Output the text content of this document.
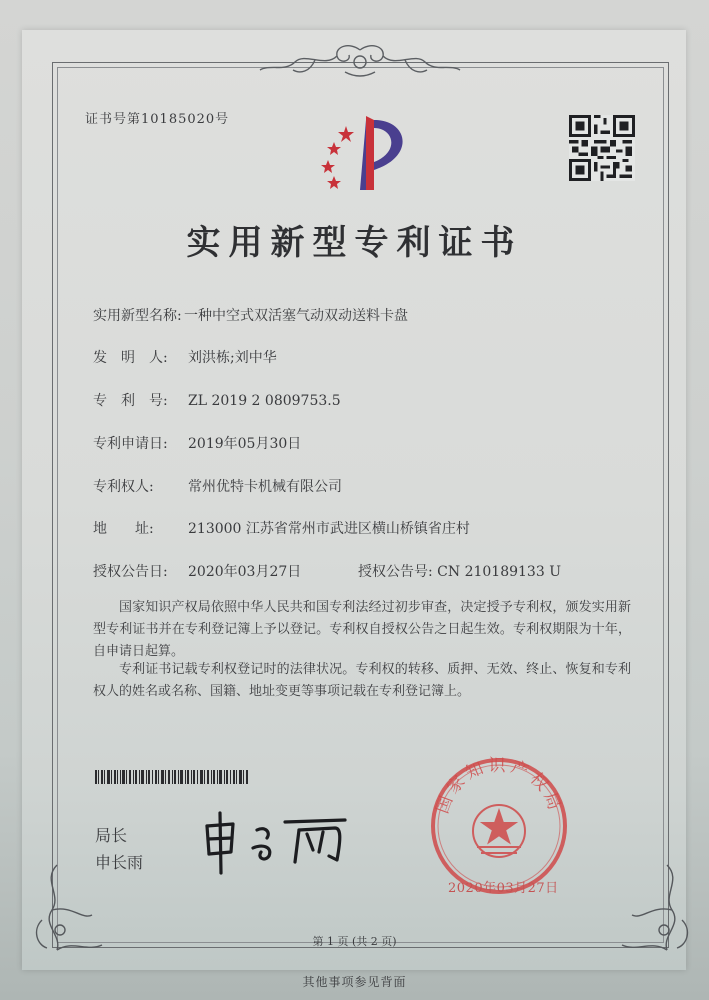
证书号第10185020号
实用新型专利证书
实用新型名称: 一种中空式双活塞气动双动送料卡盘
发　明　人: 刘洪栋;刘中华
专　利　号: ZL 2019 2 0809753.5
专利申请日: 2019年05月30日
专利权人: 常州优特卡机械有限公司
地　　址: 213000 江苏省常州市武进区横山桥镇省庄村
授权公告日: 2020年03月27日	授权公告号: CN 210189133 U
国家知识产权局依照中华人民共和国专利法经过初步审查，决定授予专利权，颁发实用新型专利证书并在专利登记簿上予以登记。专利权自授权公告之日起生效。专利权期限为十年，自申请日起算。
专利证书记载专利权登记时的法律状况。专利权的转移、质押、无效、终止、恢复和专利权人的姓名或名称、国籍、地址变更等事项记载在专利登记簿上。
局长
申长雨
国家知识产权局
2020年03月27日
第 1 页 (共 2 页)
其他事项参见背面
